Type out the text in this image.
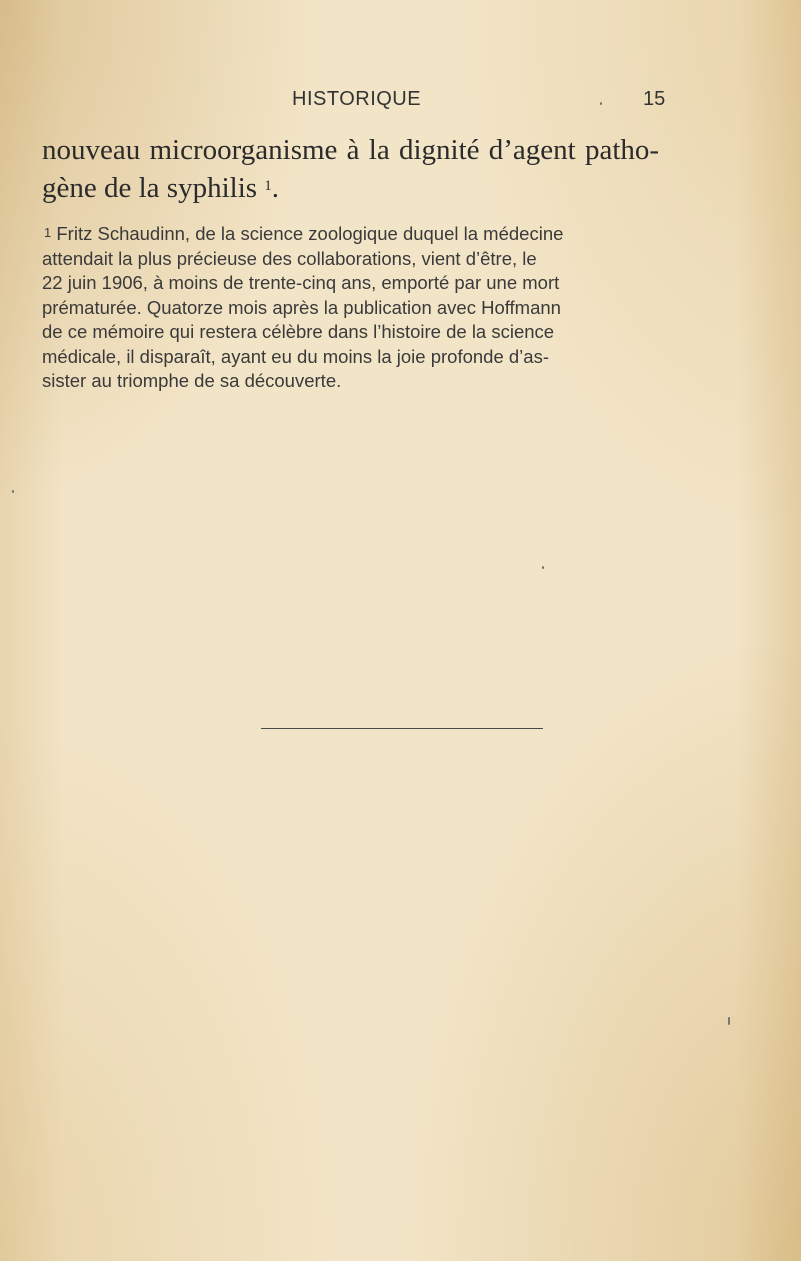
HISTORIQUE	15
nouveau microorganisme à la dignité d’agent patho-
gène de la syphilis $^1$.
$^1$ Fritz Schaudinn, de la science zoologique duquel la médecine
attendait la plus précieuse des collaborations, vient d’être, le
22 juin 1906, à moins de trente-cinq ans, emporté par une mort
prématurée. Quatorze mois après la publication avec Hoffmann
de ce mémoire qui restera célèbre dans l’histoire de la science
médicale, il disparaît, ayant eu du moins la joie profonde d’as-
sister au triomphe de sa découverte.
